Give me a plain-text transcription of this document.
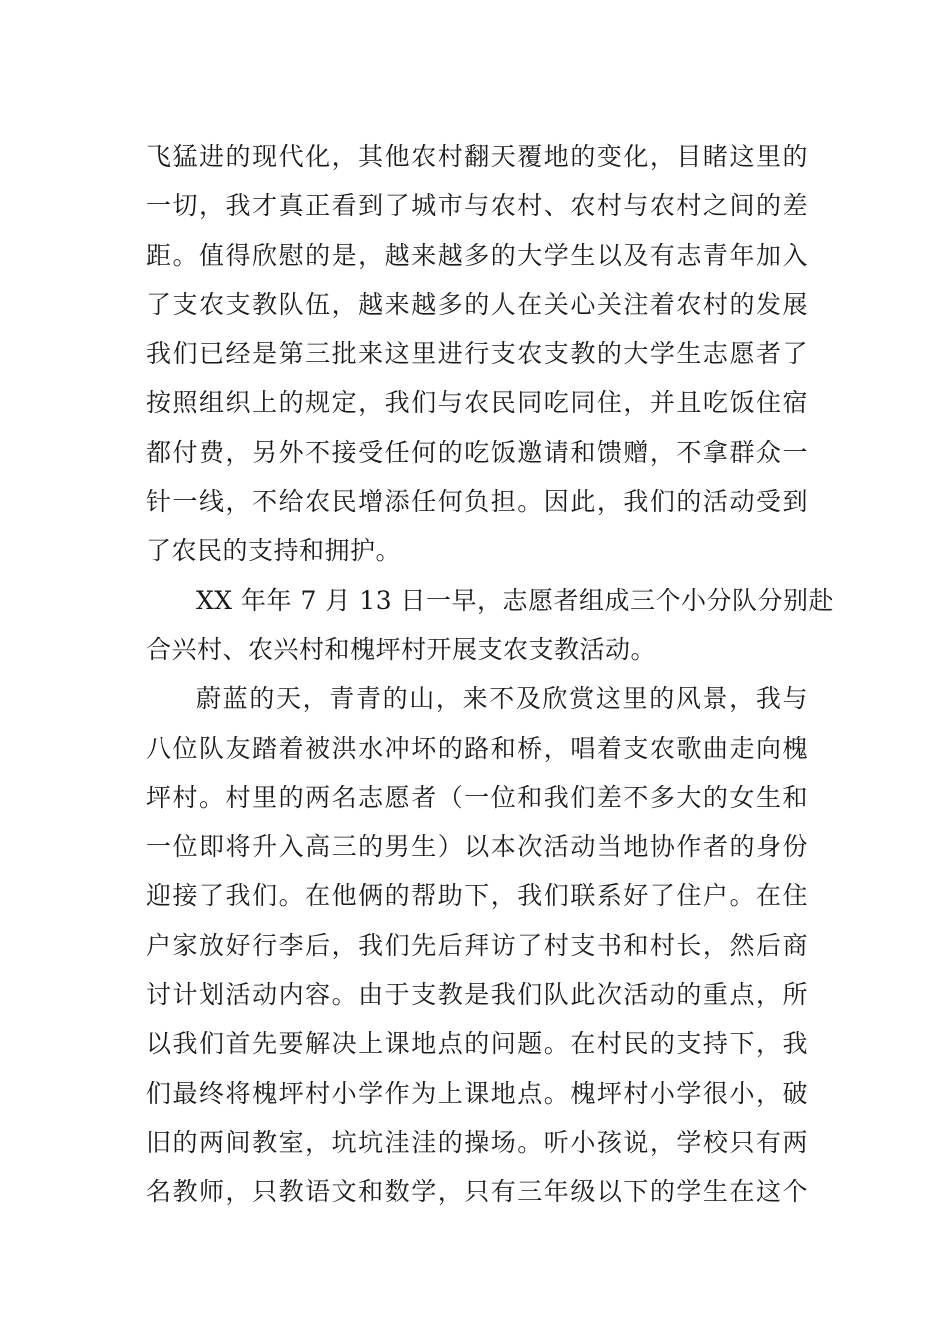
飞猛进的现代化，其他农村翻天覆地的变化，目睹这里的
一切，我才真正看到了城市与农村、农村与农村之间的差
距。值得欣慰的是，越来越多的大学生以及有志青年加入
了支农支教队伍，越来越多的人在关心关注着农村的发展
我们已经是第三批来这里进行支农支教的大学生志愿者了
按照组织上的规定，我们与农民同吃同住，并且吃饭住宿
都付费，另外不接受任何的吃饭邀请和馈赠，不拿群众一
针一线，不给农民增添任何负担。因此，我们的活动受到
了农民的支持和拥护。
XX 年年 7 月 13 日一早，志愿者组成三个小分队分别赴
合兴村、农兴村和槐坪村开展支农支教活动。
蔚蓝的天，青青的山，来不及欣赏这里的风景，我与
八位队友踏着被洪水冲坏的路和桥，唱着支农歌曲走向槐
坪村。村里的两名志愿者（一位和我们差不多大的女生和
一位即将升入高三的男生）以本次活动当地协作者的身份
迎接了我们。在他俩的帮助下，我们联系好了住户。在住
户家放好行李后，我们先后拜访了村支书和村长，然后商
讨计划活动内容。由于支教是我们队此次活动的重点，所
以我们首先要解决上课地点的问题。在村民的支持下，我
们最终将槐坪村小学作为上课地点。槐坪村小学很小，破
旧的两间教室，坑坑洼洼的操场。听小孩说，学校只有两
名教师，只教语文和数学，只有三年级以下的学生在这个
